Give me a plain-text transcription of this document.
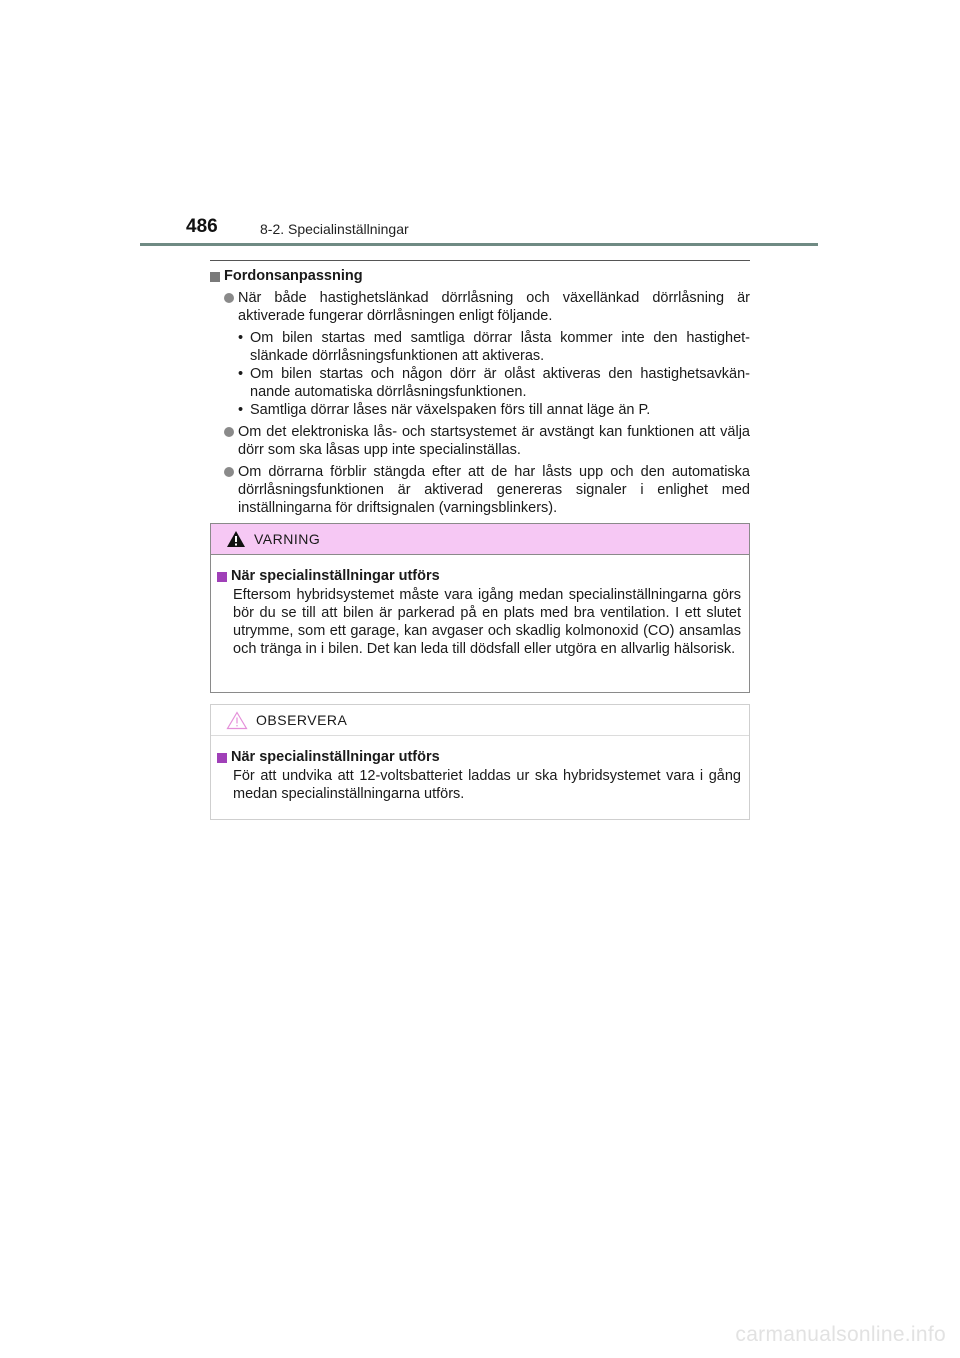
486	8-2. Specialinställningar
Fordonsanpassning
När både hastighetslänkad dörrlåsning och växellänkad dörrlåsning är aktiverade fungerar dörrlåsningen enligt följande.
• Om bilen startas med samtliga dörrar låsta kommer inte den hastighet-slänkade dörrlåsningsfunktionen att aktiveras.
• Om bilen startas och någon dörr är olåst aktiveras den hastighetsavkän-nande automatiska dörrlåsningsfunktionen.
• Samtliga dörrar låses när växelspaken förs till annat läge än P.
Om det elektroniska lås- och startsystemet är avstängt kan funktionen att välja dörr som ska låsas upp inte specialinställas.
Om dörrarna förblir stängda efter att de har låsts upp och den automatiska dörrlåsningsfunktionen är aktiverad genereras signaler i enlighet med inställningarna för driftsignalen (varningsblinkers).
VARNING
När specialinställningar utförs
Eftersom hybridsystemet måste vara igång medan specialinställningarna görs bör du se till att bilen är parkerad på en plats med bra ventilation. I ett slutet utrymme, som ett garage, kan avgaser och skadlig kolmonoxid (CO) ansamlas och tränga in i bilen. Det kan leda till dödsfall eller utgöra en allvarlig hälsorisk.
OBSERVERA
När specialinställningar utförs
För att undvika att 12-voltsbatteriet laddas ur ska hybridsystemet vara i gång medan specialinställningarna utförs.
carmanualsonline.info
